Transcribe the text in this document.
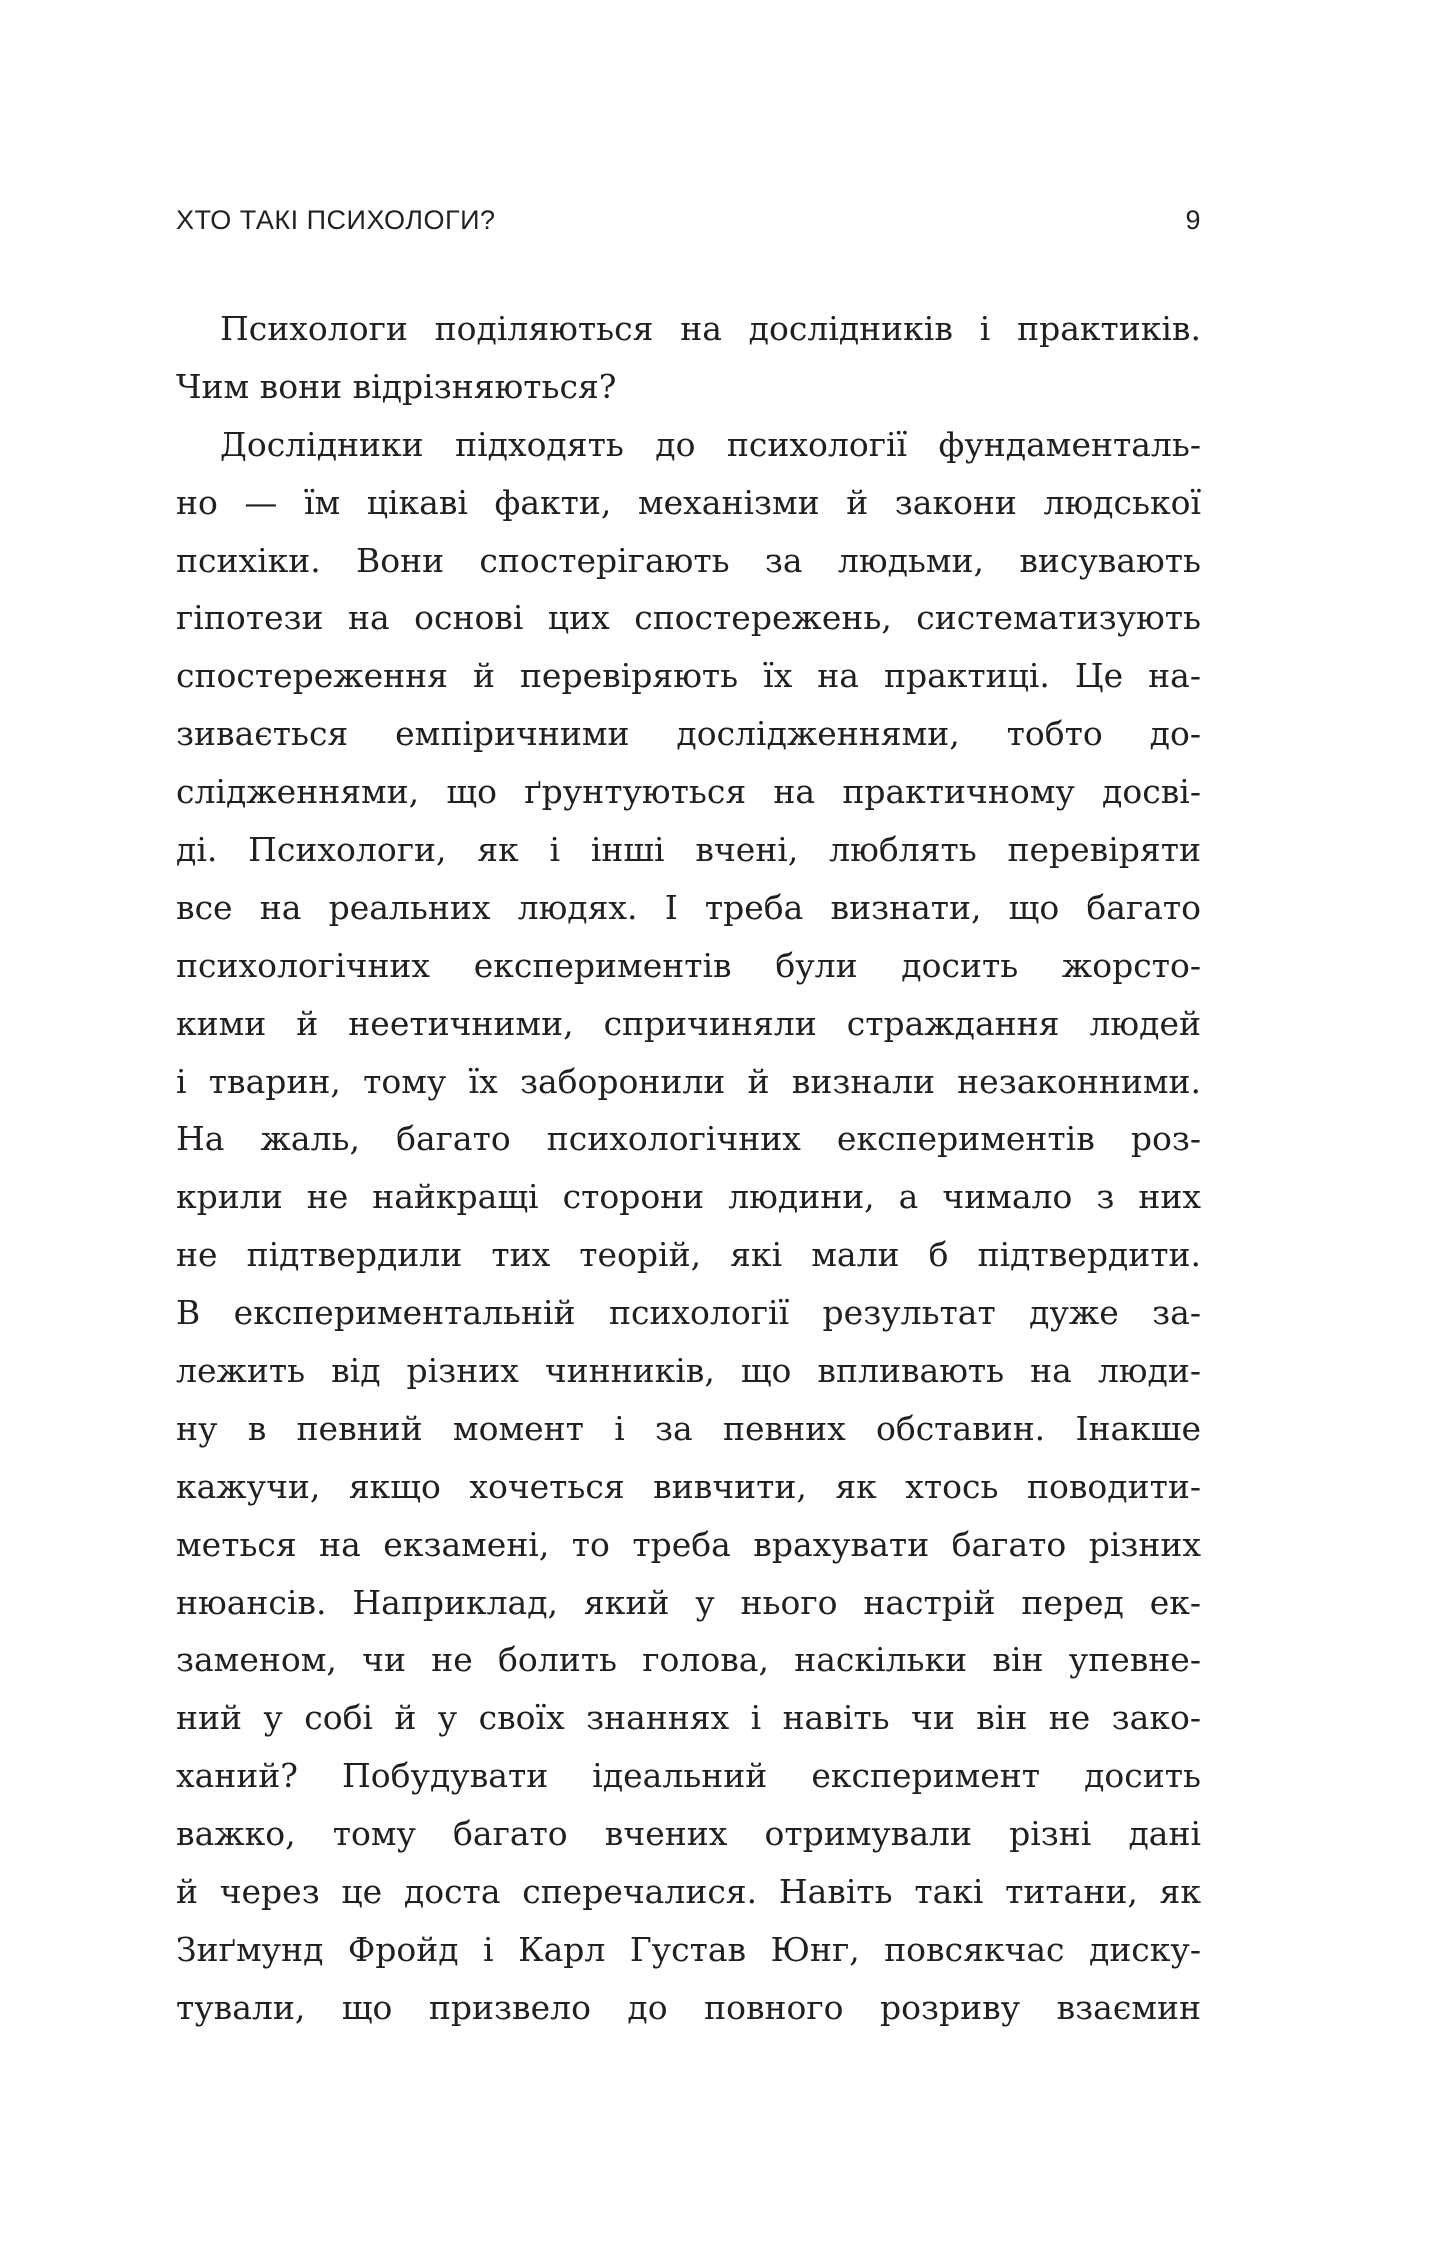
ХТО ТАКІ ПСИХОЛОГИ?	9
Психологи поділяються на дослідників і практиків.
Чим вони відрізняються?
Дослідники підходять до психології фундаменталь-
но — їм цікаві факти, механізми й закони людської
психіки. Вони спостерігають за людьми, висувають
гіпотези на основі цих спостережень, систематизують
спостереження й перевіряють їх на практиці. Це на-
зивається емпіричними дослідженнями, тобто до-
слідженнями, що ґрунтуються на практичному досві-
ді. Психологи, як і інші вчені, люблять перевіряти
все на реальних людях. І треба визнати, що багато
психологічних експериментів були досить жорсто-
кими й неетичними, спричиняли страждання людей
і тварин, тому їх заборонили й визнали незаконними.
На жаль, багато психологічних експериментів роз-
крили не найкращі сторони людини, а чимало з них
не підтвердили тих теорій, які мали б підтвердити.
В експериментальній психології результат дуже за-
лежить від різних чинників, що впливають на люди-
ну в певний момент і за певних обставин. Інакше
кажучи, якщо хочеться вивчити, як хтось поводити-
меться на екзамені, то треба врахувати багато різних
нюансів. Наприклад, який у нього настрій перед ек-
заменом, чи не болить голова, наскільки він упевне-
ний у собі й у своїх знаннях і навіть чи він не зако-
ханий? Побудувати ідеальний експеримент досить
важко, тому багато вчених отримували різні дані
й через це доста сперечалися. Навіть такі титани, як
Зиґмунд Фройд і Карл Густав Юнг, повсякчас диску-
тували, що призвело до повного розриву взаємин
